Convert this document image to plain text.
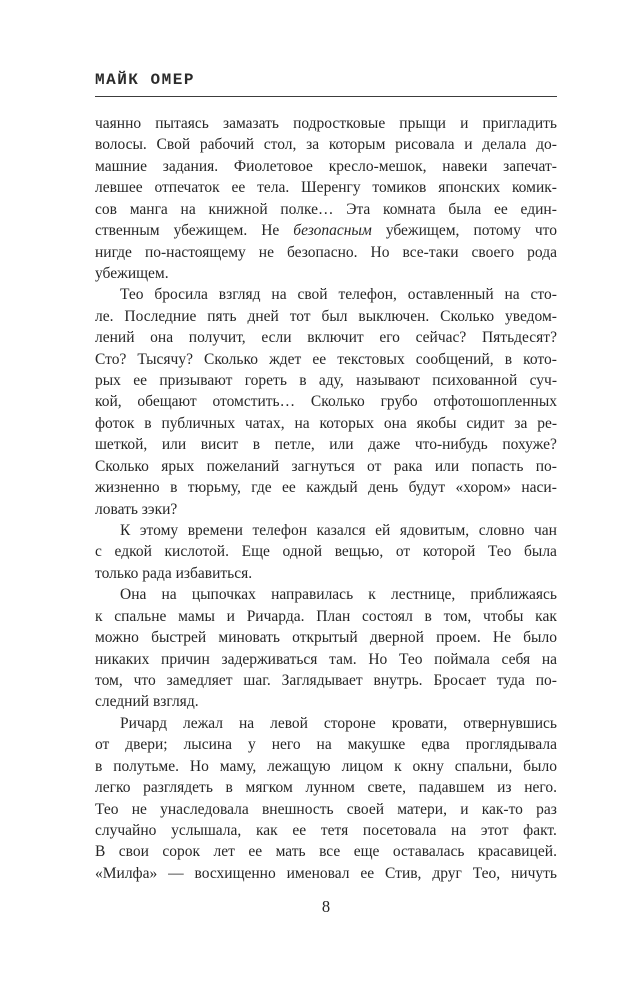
МАЙК ОМЕР
чаянно пытаясь замазать подростковые прыщи и пригладить
волосы. Свой рабочий стол, за которым рисовала и делала до-
машние задания. Фиолетовое кресло-мешок, навеки запечат-
левшее отпечаток ее тела. Шеренгу томиков японских комик-
сов манга на книжной полке… Эта комната была ее един-
ственным убежищем. Не безопасным убежищем, потому что
нигде по-настоящему не безопасно. Но все-таки своего рода
убежищем.
Тео бросила взгляд на свой телефон, оставленный на сто-
ле. Последние пять дней тот был выключен. Сколько уведом-
лений она получит, если включит его сейчас? Пятьдесят?
Сто? Тысячу? Сколько ждет ее текстовых сообщений, в кото-
рых ее призывают гореть в аду, называют психованной суч-
кой, обещают отомстить… Сколько грубо отфотошопленных
фоток в публичных чатах, на которых она якобы сидит за ре-
шеткой, или висит в петле, или даже что-нибудь похуже?
Сколько ярых пожеланий загнуться от рака или попасть по-
жизненно в тюрьму, где ее каждый день будут «хором» наси-
ловать зэки?
К этому времени телефон казался ей ядовитым, словно чан
с едкой кислотой. Еще одной вещью, от которой Тео была
только рада избавиться.
Она на цыпочках направилась к лестнице, приближаясь
к спальне мамы и Ричарда. План состоял в том, чтобы как
можно быстрей миновать открытый дверной проем. Не было
никаких причин задерживаться там. Но Тео поймала себя на
том, что замедляет шаг. Заглядывает внутрь. Бросает туда по-
следний взгляд.
Ричард лежал на левой стороне кровати, отвернувшись
от двери; лысина у него на макушке едва проглядывала
в полутьме. Но маму, лежащую лицом к окну спальни, было
легко разглядеть в мягком лунном свете, падавшем из него.
Тео не унаследовала внешность своей матери, и как-то раз
случайно услышала, как ее тетя посетовала на этот факт.
В свои сорок лет ее мать все еще оставалась красавицей.
«Милфа» — восхищенно именовал ее Стив, друг Тео, ничуть
8
